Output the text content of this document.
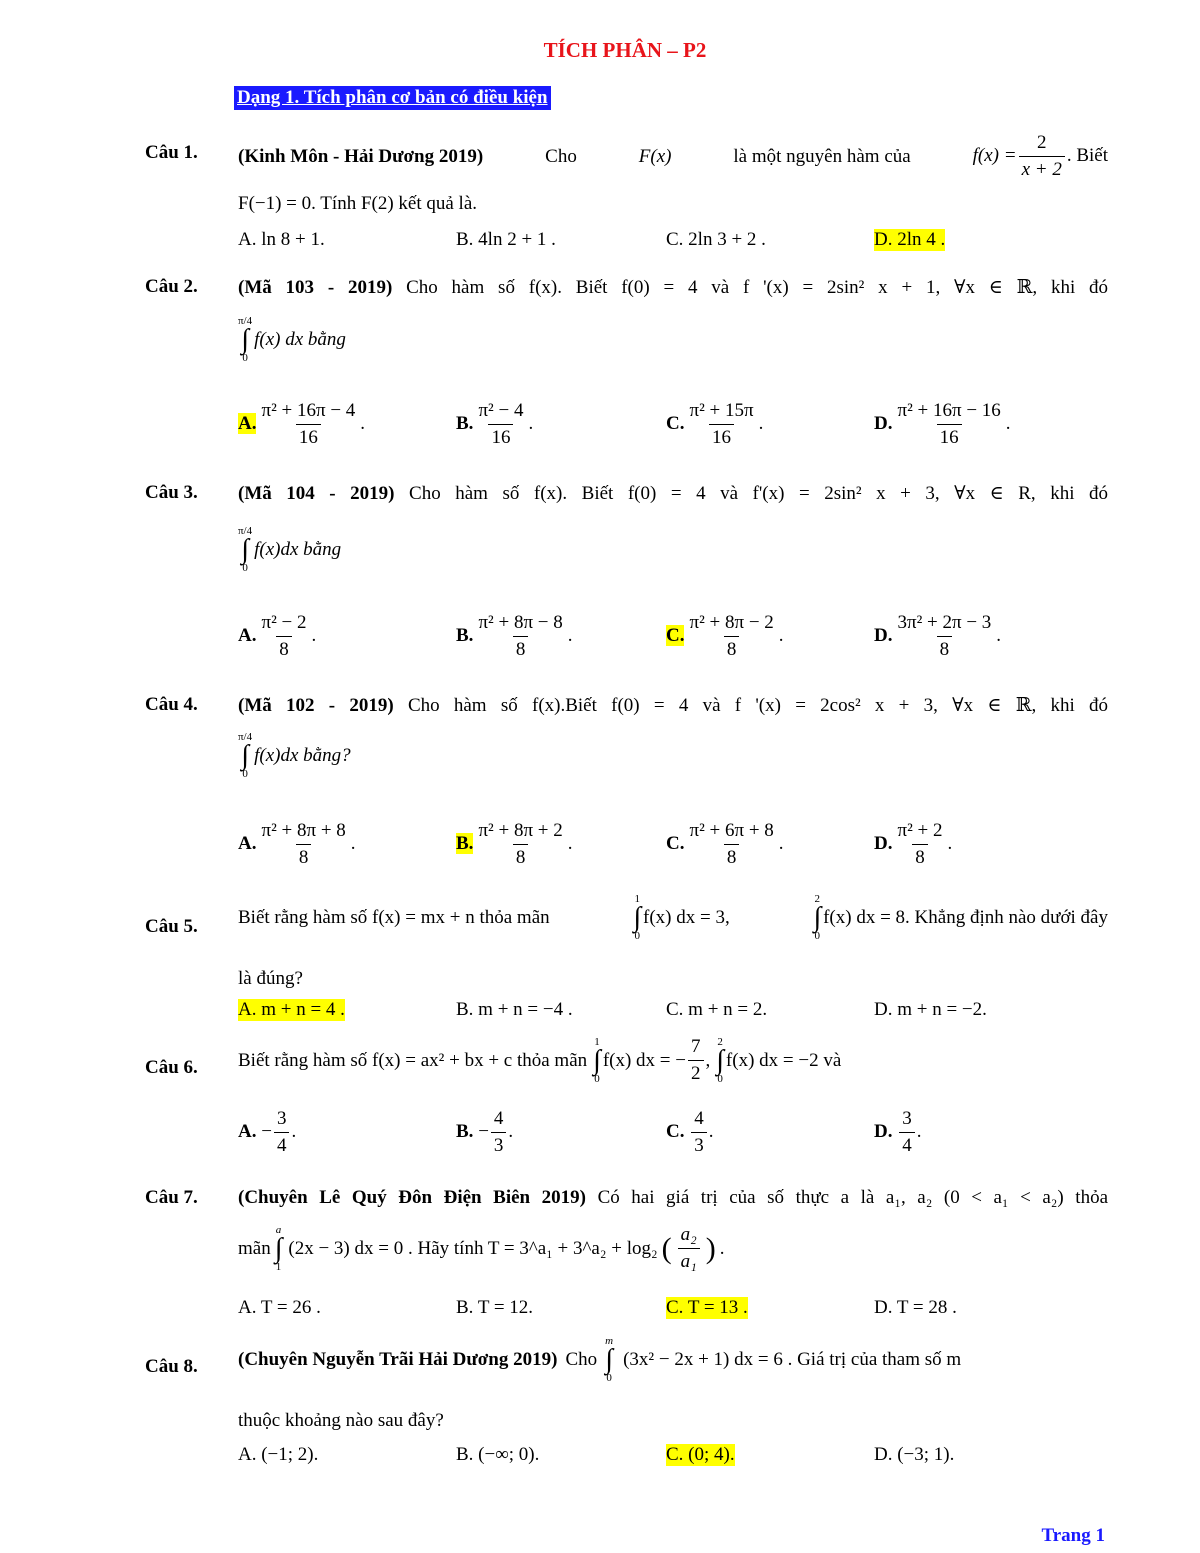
TÍCH PHÂN – P2
Dạng 1. Tích phân cơ bản có điều kiện
Câu 1. (Kinh Môn - Hải Dương 2019)	Cho	F(x)	là một nguyên hàm của	$f(x) = \frac{2}{x + 2}$ . Biết
F(−1) = 0. Tính F(2) kết quả là.
A. ln 8 + 1.	B. 4ln 2 + 1 .	C. 2ln 3 + 2 .	D. 2ln 4 .
Câu 2. (Mã 103 - 2019) Cho hàm số f(x). Biết f(0) = 4 và f '(x) = 2sin² x + 1, ∀x ∈ ℝ, khi đó
π/4
∫
0
f(x) dx bằng
A. $\frac{\text{π² + 16π − 4}}{16}$ .	B. $\frac{\text{π² − 4}}{16}$ .	C. $\frac{\text{π² + 15π}}{16}$ .	D. $\frac{\text{π² + 16π − 16}}{16}$ .
Câu 3. (Mã 104 - 2019) Cho hàm số f(x). Biết f(0) = 4 và f'(x) = 2sin² x + 3, ∀x ∈ R, khi đó
π/4
∫
0
f(x)dx bằng
A. $\frac{\text{π² − 2}}{8}$ .	B. $\frac{\text{π² + 8π − 8}}{8}$ .	C. $\frac{\text{π² + 8π − 2}}{8}$ .	D. $\frac{\text{3π² + 2π − 3}}{8}$ .
Câu 4. (Mã 102 - 2019) Cho hàm số f(x).Biết f(0) = 4 và f '(x) = 2cos² x + 3, ∀x ∈ ℝ, khi đó
π/4
∫
0
f(x)dx bằng?
A. $\frac{\text{π² + 8π + 8}}{8}$ .	B. $\frac{\text{π² + 8π + 2}}{8}$ .	C. $\frac{\text{π² + 6π + 8}}{8}$ .	D. $\frac{\text{π² + 2}}{8}$ .
Câu 5. Biết rằng hàm số f(x) = mx + n thỏa mãn
1
∫
0
f(x) dx = 3,
2
∫
0
f(x) dx = 8. Khẳng định nào dưới đây
là đúng?
A. m + n = 4 .	B. m + n = −4 .	C. m + n = 2.	D. m + n = −2.
Câu 6. Biết rằng hàm số f(x) = ax² + bx + c thỏa mãn
1
∫
0
f(x) dx = − $\frac{7}{2}$ ,
2
∫
0
f(x) dx = −2 và
A. − $\frac{3}{4}$ .	B. − $\frac{4}{3}$ .	C. $\frac{4}{3}$ .	D. $\frac{3}{4}$ .
Câu 7. (Chuyên Lê Quý Đôn Điện Biên 2019) Có hai giá trị của số thực a là a₁, a₂ (0 < a₁ < a₂) thỏa
mãn
a
∫
1
(2x − 3) dx = 0 . Hãy tính T = 3^a₁ + 3^a₂ + log₂ ( $\frac{\text{a₂}}{\text{a₁}}$ ) .
A. T = 26 .	B. T = 12.	C. T = 13 .	D. T = 28 .
Câu 8. (Chuyên Nguyễn Trãi Hải Dương 2019) Cho
m
∫
0
(3x² − 2x + 1) dx = 6 . Giá trị của tham số m
thuộc khoảng nào sau đây?
A. (−1; 2).	B. (−∞; 0).	C. (0; 4).	D. (−3; 1).
Trang 1
